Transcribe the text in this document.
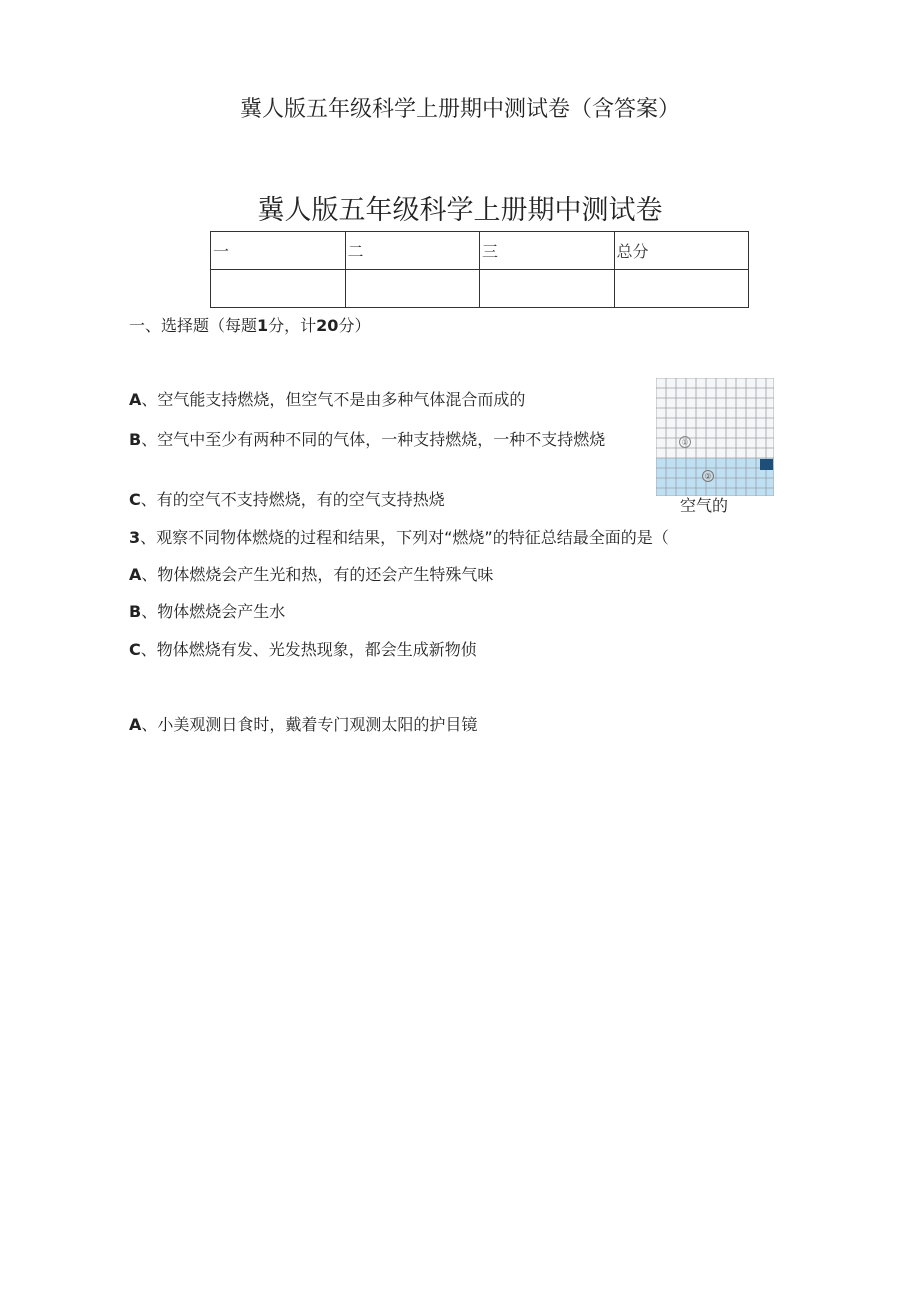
冀人版五年级科学上册期中测试卷（含答案）
冀人版五年级科学上册期中测试卷
一	二	三	总分

一、选择题（每题1分，计20分）
A、空气能支持燃烧，但空气不是由多种气体混合而成的
B、空气中至少有两种不同的气体，一种支持燃烧，一种不支持燃烧
C、有的空气不支持燃烧，有的空气支持热烧
3、观察不同物体燃烧的过程和结果，下列对“燃烧”的特征总结最全面的是（
A、物体燃烧会产生光和热，有的还会产生特殊气味
B、物体燃烧会产生水
C、物体燃烧有发、光发热现象，都会生成新物侦
A、小美观测日食时，戴着专门观测太阳的护目镜
①
②
空气的
